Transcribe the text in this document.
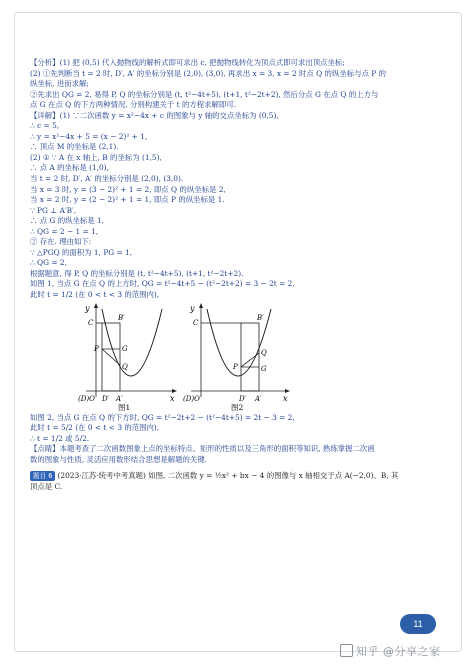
【分析】(1) 把 (0,5) 代入抛物线的解析式即可求出 c, 把抛物线转化为顶点式即可求出顶点坐标;
(2) ①先判断当 t = 2 时, D′, A′ 的坐标分别是 (2,0), (3,0), 再求出 x = 3, x = 2 时点 Q 的纵坐标与点 P 的
纵坐标, 进而求解;
②先求出 QG = 2, 易得 P, Q 的坐标分别是 (t, t²−4t+5), (t+1, t²−2t+2), 然后分点 G 在点 Q 的上方与
点 G 在点 Q 的下方两种情况, 分别构建关于 t 的方程求解即可.
【详解】(1) ∵二次函数 y = x²−4x + c 的图象与 y 轴的交点坐标为 (0,5),
∴ c = 5,
∴ y = x²−4x + 5 = (x − 2)² + 1,
∴ 顶点 M 的坐标是 (2,1).
(2) ① ∵ A 在 x 轴上, B 的坐标为 (1,5),
∴ 点 A 的坐标是 (1,0),
当 t = 2 时, D′, A′ 的坐标分别是 (2,0), (3,0).
当 x = 3 时, y = (3 − 2)² + 1 = 2, 即点 Q 的纵坐标是 2,
当 x = 2 时, y = (2 − 2)² + 1 = 1, 即点 P 的纵坐标是 1.
∵ PG ⊥ A′B′,
∴ 点 G 的纵坐标是 1,
∴ QG = 2 − 1 = 1,
② 存在. 理由如下:
∵ △PGQ 的面积为 1, PG = 1,
∴ QG = 2,
根据题意, 得 P, Q 的坐标分别是 (t, t²−4t+5), (t+1, t²−2t+2).
如图 1, 当点 G 在点 Q 的上方时, QG = t²−4t+5 − (t²−2t+2) = 3 − 2t = 2,
此时 t = 1/2 (在 0 < t < 3 的范围内),
y
x
C
B′
P	G
Q
(D)O D′ A′
图1
y
x
C
B′
P	G
Q
(D)O	D′ A′
图2
如图 2, 当点 G 在点 Q 的下方时, QG = t²−2t+2 − (t²−4t+5) = 2t − 3 = 2,
此时 t = 5/2 (在 0 < t < 3 的范围内),
∴ t = 1/2 或 5/2.
【点睛】本题考查了二次函数图象上点的坐标特点、矩形的性质以及三角形的面积等知识, 熟练掌握二次函
数的图象与性质, 灵活应用数形结合思想是解题的关键.
题目 6 (2023·江苏·统考中考真题) 如图, 二次函数 y = ½x² + bx − 4 的图像与 x 轴相交于点 A(−2,0)、B, 其
顶点是 C.
11
知乎 @分享之家
